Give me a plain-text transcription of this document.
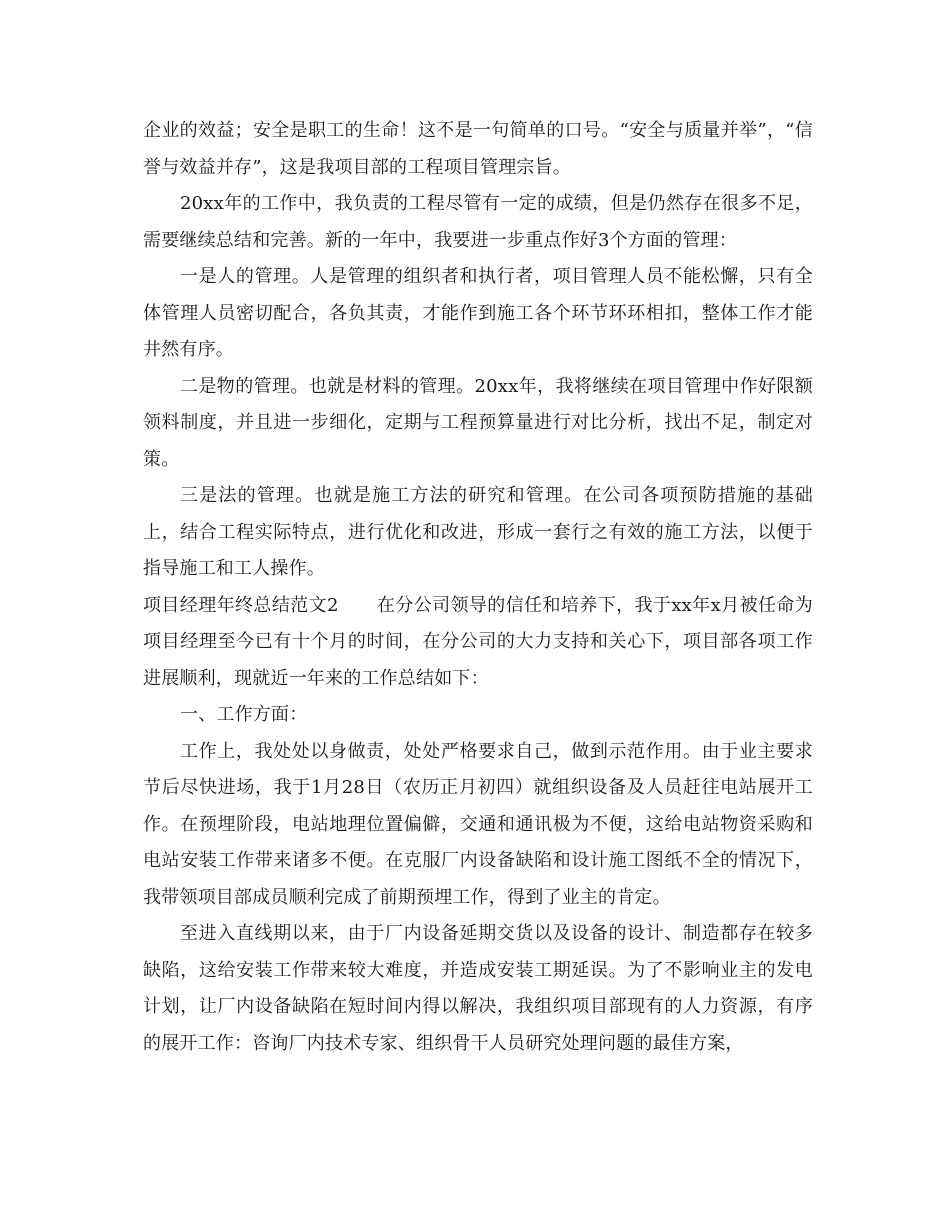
企业的效益；安全是职工的生命！这不是一句简单的口号。“安全与质量并举”，“信誉与效益并存”，这是我项目部的工程项目管理宗旨。

20xx年的工作中，我负责的工程尽管有一定的成绩，但是仍然存在很多不足，需要继续总结和完善。新的一年中，我要进一步重点作好3个方面的管理：

一是人的管理。人是管理的组织者和执行者，项目管理人员不能松懈，只有全体管理人员密切配合，各负其责，才能作到施工各个环节环环相扣，整体工作才能井然有序。

二是物的管理。也就是材料的管理。20xx年，我将继续在项目管理中作好限额领料制度，并且进一步细化，定期与工程预算量进行对比分析，找出不足，制定对策。

三是法的管理。也就是施工方法的研究和管理。在公司各项预防措施的基础上，结合工程实际特点，进行优化和改进，形成一套行之有效的施工方法，以便于指导施工和工人操作。

项目经理年终总结范文2 在分公司领导的信任和培养下，我于xx年x月被任命为项目经理至今已有十个月的时间，在分公司的大力支持和关心下，项目部各项工作进展顺利，现就近一年来的工作总结如下：

一、工作方面：

工作上，我处处以身做责，处处严格要求自己，做到示范作用。由于业主要求节后尽快进场，我于1月28日（农历正月初四）就组织设备及人员赶往电站展开工作。在预埋阶段，电站地理位置偏僻，交通和通讯极为不便，这给电站物资采购和电站安装工作带来诸多不便。在克服厂内设备缺陷和设计施工图纸不全的情况下，我带领项目部成员顺利完成了前期预埋工作，得到了业主的肯定。

至进入直线期以来，由于厂内设备延期交货以及设备的设计、制造都存在较多缺陷，这给安装工作带来较大难度，并造成安装工期延误。为了不影响业主的发电计划，让厂内设备缺陷在短时间内得以解决，我组织项目部现有的人力资源，有序的展开工作：咨询厂内技术专家、组织骨干人员研究处理问题的最佳方案，
